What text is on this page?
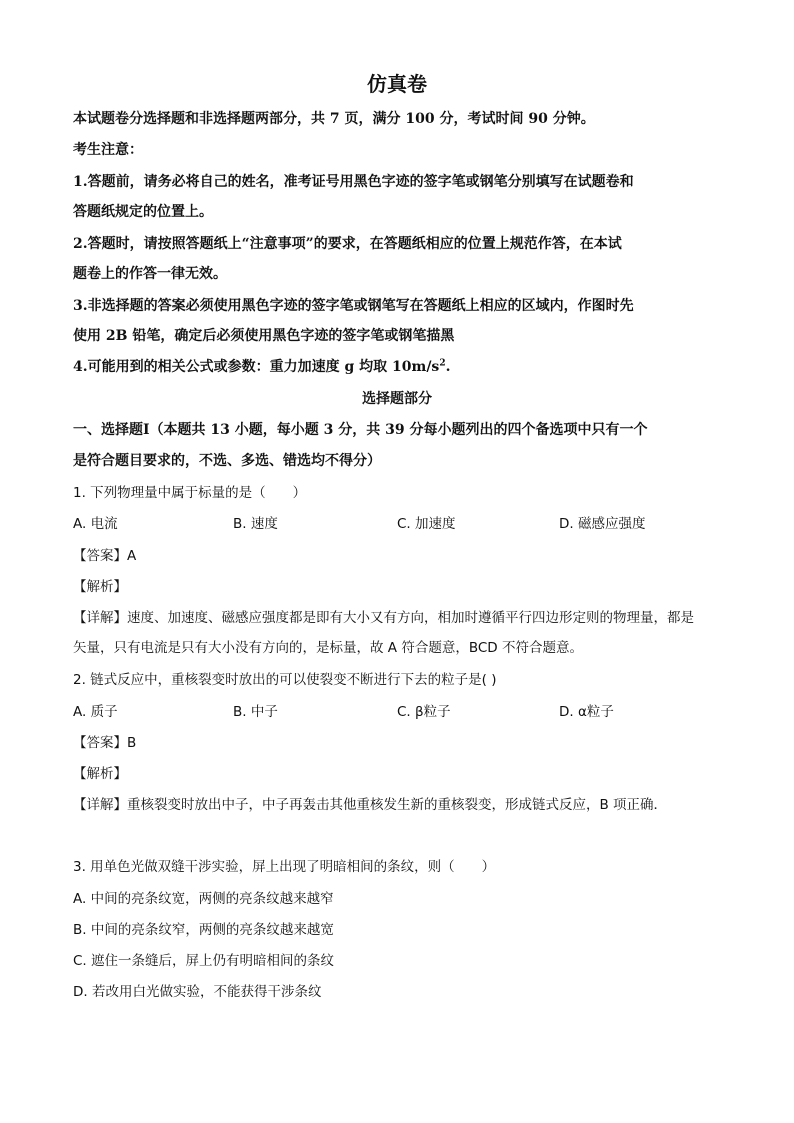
仿真卷
本试题卷分选择题和非选择题两部分，共 7 页，满分 100 分，考试时间 90 分钟。
考生注意：
1.答题前，请务必将自己的姓名，准考证号用黑色字迹的签字笔或钢笔分别填写在试题卷和
答题纸规定的位置上。
2.答题时，请按照答题纸上“注意事项”的要求，在答题纸相应的位置上规范作答，在本试
题卷上的作答一律无效。
3.非选择题的答案必须使用黑色字迹的签字笔或钢笔写在答题纸上相应的区域内，作图时先
使用 2B 铅笔，确定后必须使用黑色字迹的签字笔或钢笔描黑
4.可能用到的相关公式或参数：重力加速度 g 均取 $10m/s^2$.
选择题部分
一、选择题Ⅰ（本题共 13 小题，每小题 3 分，共 39 分每小题列出的四个备选项中只有一个
是符合题目要求的，不选、多选、错选均不得分）
1. 下列物理量中属于标量的是（　　）
A. 电流	B. 速度	C. 加速度	D. 磁感应强度
【答案】A
【解析】
【详解】速度、加速度、磁感应强度都是即有大小又有方向，相加时遵循平行四边形定则的物理量，都是
矢量，只有电流是只有大小没有方向的，是标量，故 A 符合题意，BCD 不符合题意。
2. 链式反应中，重核裂变时放出的可以使裂变不断进行下去的粒子是( )
A. 质子	B. 中子	C. β粒子	D. α粒子
【答案】B
【解析】
【详解】重核裂变时放出中子，中子再轰击其他重核发生新的重核裂变，形成链式反应，B 项正确．
3. 用单色光做双缝干涉实验，屏上出现了明暗相间的条纹，则（　　）
A. 中间的亮条纹宽，两侧的亮条纹越来越窄
B. 中间的亮条纹窄，两侧的亮条纹越来越宽
C. 遮住一条缝后，屏上仍有明暗相间的条纹
D. 若改用白光做实验，不能获得干涉条纹
